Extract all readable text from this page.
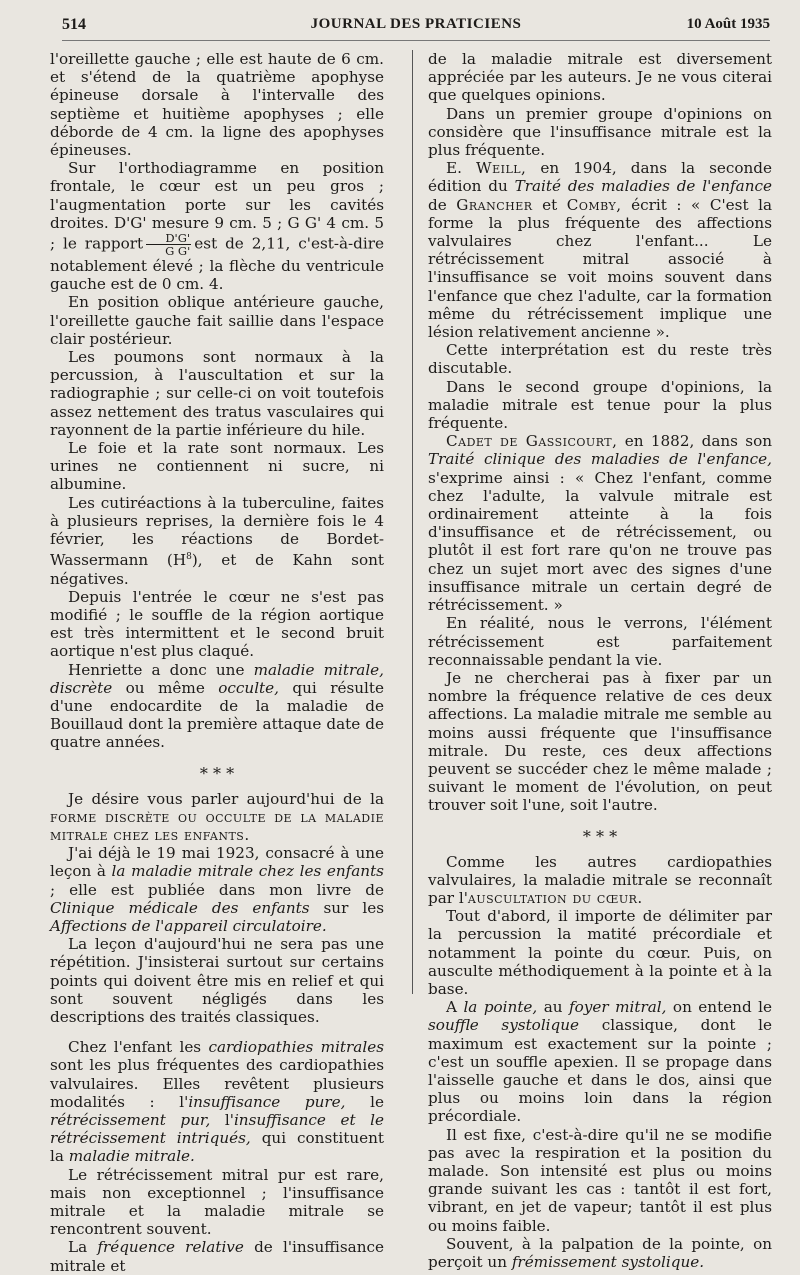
514	JOURNAL DES PRATICIENS	10 Août 1935

l'oreillette gauche ; elle est haute de 6 cm. et s'étend de la quatrième apophyse épineuse dorsale à l'intervalle des septième et huitième apophyses ; elle déborde de 4 cm. la ligne des apophyses épineuses.

Sur l'orthodiagramme en position frontale, le cœur est un peu gros ; l'augmentation porte sur les cavités droites. D'G' mesure 9 cm. 5 ; G G' 4 cm. 5 ; le rapport $\frac{D'G'}{\text{G G'}}$ est de 2,11, c'est-à-dire notablement élevé ; la flèche du ventricule gauche est de 0 cm. 4.

En position oblique antérieure gauche, l'oreillette gauche fait saillie dans l'espace clair postérieur.

Les poumons sont normaux à la percussion, à l'auscultation et sur la radiographie ; sur celle-ci on voit toutefois assez nettement des tratus vasculaires qui rayonnent de la partie inférieure du hile.

Le foie et la rate sont normaux. Les urines ne contiennent ni sucre, ni albumine.

Les cutiréactions à la tuberculine, faites à plusieurs reprises, la dernière fois le 4 février, les réactions de Bordet-Wassermann $(H^8)$, et de Kahn sont négatives.

Depuis l'entrée le cœur ne s'est pas modifié ; le souffle de la région aortique est très intermittent et le second bruit aortique n'est plus claqué.

Henriette a donc une maladie mitrale, discrète ou même occulte, qui résulte d'une endocardite de la maladie de Bouillaud dont la première attaque date de quatre années.

* * *

Je désire vous parler aujourd'hui de la forme discrète ou occulte de la maladie mitrale chez les enfants.

J'ai déjà le 19 mai 1923, consacré à une leçon à la maladie mitrale chez les enfants ; elle est publiée dans mon livre de Clinique médicale des enfants sur les Affections de l'appareil circulatoire.

La leçon d'aujourd'hui ne sera pas une répétition. J'insisterai surtout sur certains points qui doivent être mis en relief et qui sont souvent négligés dans les descriptions des traités classiques.

Chez l'enfant les cardiopathies mitrales sont les plus fréquentes des cardiopathies valvulaires. Elles revêtent plusieurs modalités : l'insuffisance pure, le rétrécissement pur, l'insuffisance et le rétrécissement intriqués, qui constituent la maladie mitrale.

Le rétrécissement mitral pur est rare, mais non exceptionnel ; l'insuffisance mitrale et la maladie mitrale se rencontrent souvent.

La fréquence relative de l'insuffisance mitrale et

de la maladie mitrale est diversement appréciée par les auteurs. Je ne vous citerai que quelques opinions.

Dans un premier groupe d'opinions on considère que l'insuffisance mitrale est la plus fréquente.

E. Weill, en 1904, dans la seconde édition du Traité des maladies de l'enfance de Grancher et Comby, écrit : « C'est la forme la plus fréquente des affections valvulaires chez l'enfant... Le rétrécissement mitral associé à l'insuffisance se voit moins souvent dans l'enfance que chez l'adulte, car la formation même du rétrécissement implique une lésion relativement ancienne ».

Cette interprétation est du reste très discutable.

Dans le second groupe d'opinions, la maladie mitrale est tenue pour la plus fréquente.

Cadet de Gassicourt, en 1882, dans son Traité clinique des maladies de l'enfance, s'exprime ainsi : « Chez l'enfant, comme chez l'adulte, la valvule mitrale est ordinairement atteinte à la fois d'insuffisance et de rétrécissement, ou plutôt il est fort rare qu'on ne trouve pas chez un sujet mort avec des signes d'une insuffisance mitrale un certain degré de rétrécissement. »

En réalité, nous le verrons, l'élément rétrécissement est parfaitement reconnaissable pendant la vie.

Je ne chercherai pas à fixer par un nombre la fréquence relative de ces deux affections. La maladie mitrale me semble au moins aussi fréquente que l'insuffisance mitrale. Du reste, ces deux affections peuvent se succéder chez le même malade ; suivant le moment de l'évolution, on peut trouver soit l'une, soit l'autre.

* * *

Comme les autres cardiopathies valvulaires, la maladie mitrale se reconnaît par l'auscultation du cœur.

Tout d'abord, il importe de délimiter par la percussion la matité précordiale et notamment la pointe du cœur. Puis, on ausculte méthodiquement à la pointe et à la base.

A la pointe, au foyer mitral, on entend le souffle systolique classique, dont le maximum est exactement sur la pointe ; c'est un souffle apexien. Il se propage dans l'aisselle gauche et dans le dos, ainsi que plus ou moins loin dans la région précordiale.

Il est fixe, c'est-à-dire qu'il ne se modifie pas avec la respiration et la position du malade. Son intensité est plus ou moins grande suivant les cas : tantôt il est fort, vibrant, en jet de vapeur; tantôt il est plus ou moins faible.

Souvent, à la palpation de la pointe, on perçoit un frémissement systolique.
